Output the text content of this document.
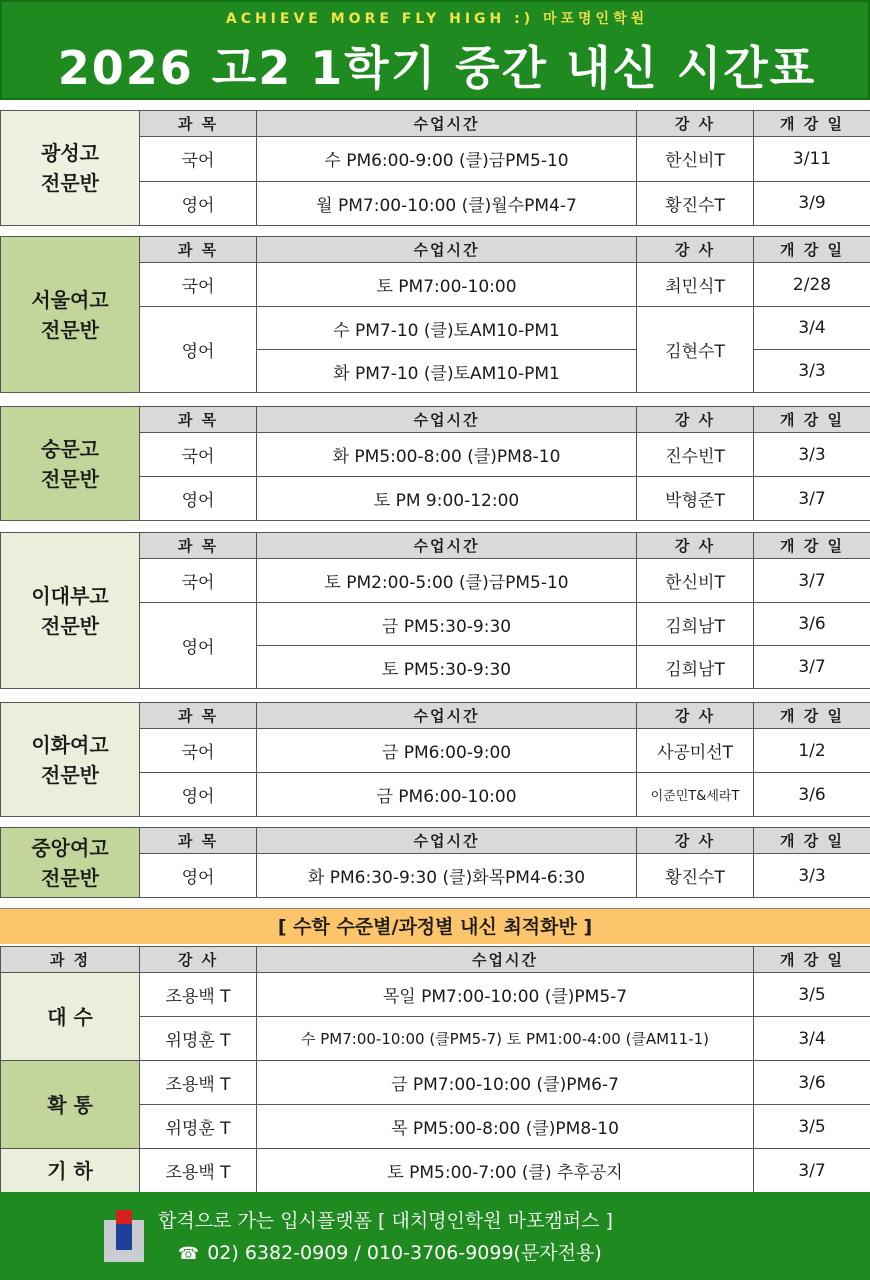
ACHIEVE MORE FLY HIGH :) 마포명인학원
2026 고2 1학기 중간 내신 시간표
광성고
전문반	과 목	수업시간	강 사	개 강 일
	국어	수 PM6:00-9:00 (클)금PM5-10	한신비T	3/11
	영어	월 PM7:00-10:00 (클)월수PM4-7	황진수T	3/9
서울여고
전문반	과 목	수업시간	강 사	개 강 일
	국어	토 PM7:00-10:00	최민식T	2/28
	영어	수 PM7-10 (클)토AM10-PM1	김현수T	3/4
		화 PM7-10 (클)토AM10-PM1		3/3
숭문고
전문반	과 목	수업시간	강 사	개 강 일
	국어	화 PM5:00-8:00 (클)PM8-10	진수빈T	3/3
	영어	토 PM 9:00-12:00	박형준T	3/7
이대부고
전문반	과 목	수업시간	강 사	개 강 일
	국어	토 PM2:00-5:00 (클)금PM5-10	한신비T	3/7
	영어	금 PM5:30-9:30	김희남T	3/6
		토 PM5:30-9:30	김희남T	3/7
이화여고
전문반	과 목	수업시간	강 사	개 강 일
	국어	금 PM6:00-9:00	사공미선T	1/2
	영어	금 PM6:00-10:00	이준민T&세라T	3/6
중앙여고
전문반	과 목	수업시간	강 사	개 강 일
	영어	화 PM6:30-9:30 (클)화목PM4-6:30	황진수T	3/3
[ 수학 수준별/과정별 내신 최적화반 ]
과 정	강 사	수업시간	개 강 일
대 수	조용백 T	목일 PM7:00-10:00 (클)PM5-7	3/5
	위명훈 T	수 PM7:00-10:00 (클PM5-7) 토 PM1:00-4:00 (클AM11-1)	3/4
확 통	조용백 T	금 PM7:00-10:00 (클)PM6-7	3/6
	위명훈 T	목 PM5:00-8:00 (클)PM8-10	3/5
기 하	조용백 T	토 PM5:00-7:00 (클) 추후공지	3/7
합격으로 가는 입시플랫폼 [ 대치명인학원 마포캠퍼스 ]
☎ 02) 6382-0909 / 010-3706-9099(문자전용)
